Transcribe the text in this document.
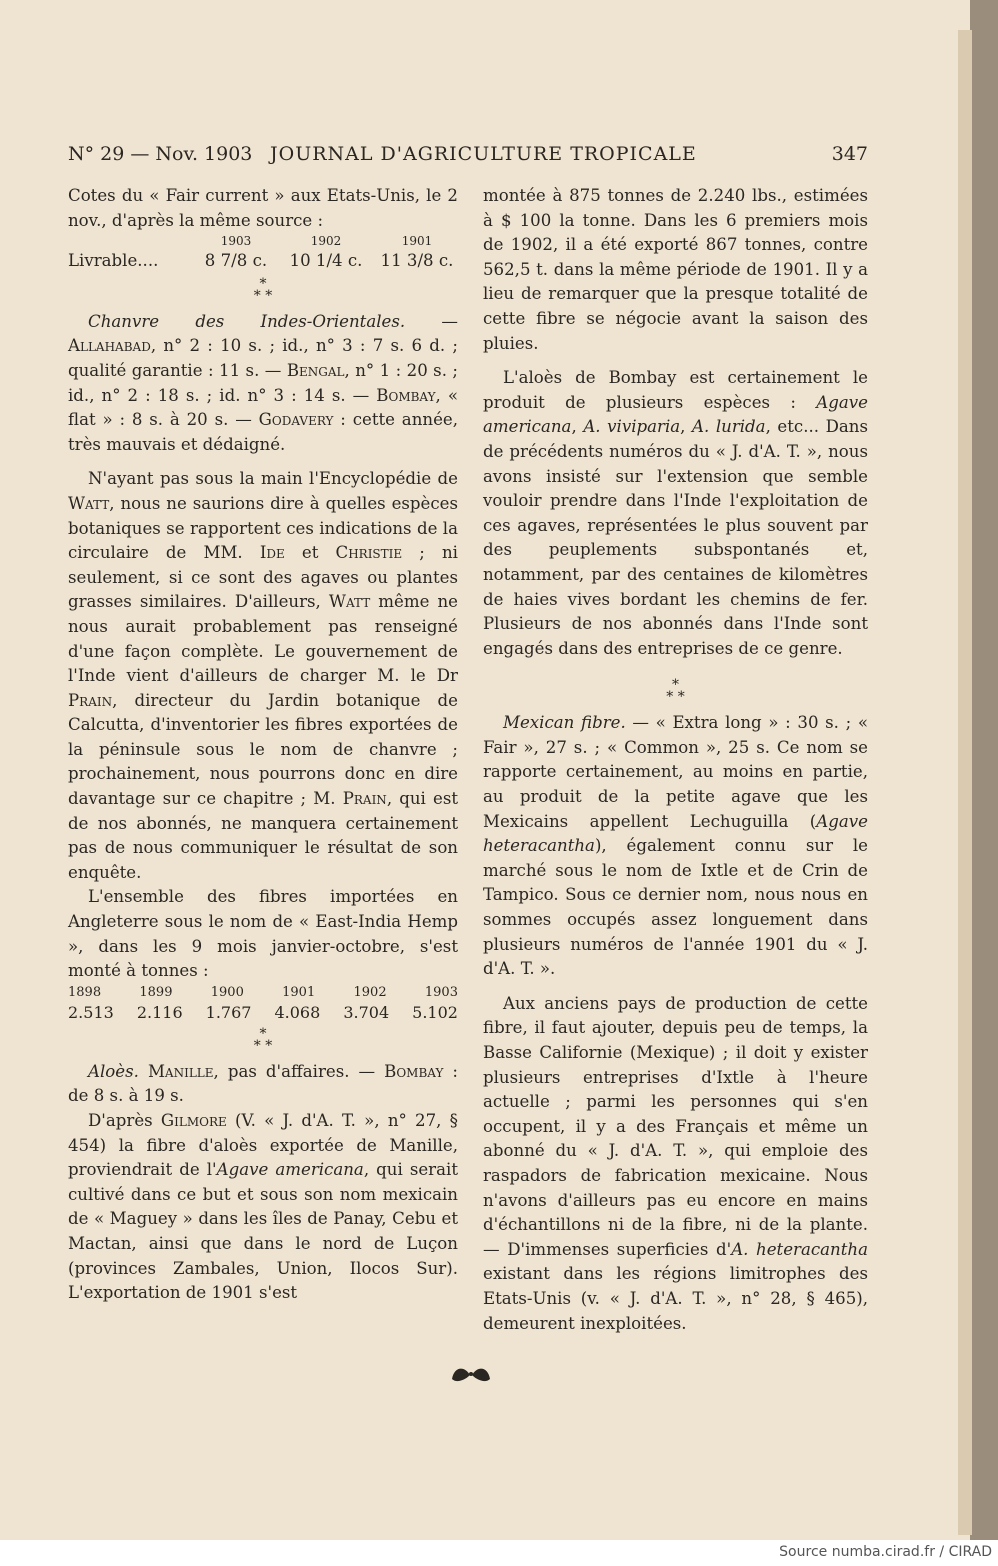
N° 29 — Nov. 1903 JOURNAL D'AGRICULTURE TROPICALE	347

Cotes du « Fair current » aux Etats-Unis, le 2 nov., d'après la même source :

1903	1902	1901
Livrable....	8 7/8 c.	10 1/4 c.	11 3/8 c.
*
* *

Chanvre des Indes-Orientales. — Allahabad, n° 2 : 10 s. ; id., n° 3 : 7 s. 6 d. ; qualité garantie : 11 s. — Bengal, n° 1 : 20 s. ; id., n° 2 : 18 s. ; id. n° 3 : 14 s. — Bombay, « flat » : 8 s. à 20 s. — Godavery : cette année, très mauvais et dédaigné.

N'ayant pas sous la main l'Encyclopédie de Watt, nous ne saurions dire à quelles espèces botaniques se rapportent ces indications de la circulaire de MM. Ide et Christie ; ni seulement, si ce sont des agaves ou plantes grasses similaires. D'ailleurs, Watt même ne nous aurait probablement pas renseigné d'une façon complète. Le gouvernement de l'Inde vient d'ailleurs de charger M. le Dr Prain, directeur du Jardin botanique de Calcutta, d'inventorier les fibres exportées de la péninsule sous le nom de chanvre ; prochainement, nous pourrons donc en dire davantage sur ce chapitre ; M. Prain, qui est de nos abonnés, ne manquera certainement pas de nous communiquer le résultat de son enquête.

L'ensemble des fibres importées en Angleterre sous le nom de « East-India Hemp », dans les 9 mois janvier-octobre, s'est monté à tonnes :

1898	1899	1900	1901	1902	1903
2.513 2.116 1.767 4.068 3.704 5.102
*
* *

Aloès. Manille, pas d'affaires. — Bombay : de 8 s. à 19 s.

D'après Gilmore (V. « J. d'A. T. », n° 27, § 454) la fibre d'aloès exportée de Manille, proviendrait de l'Agave americana, qui serait cultivé dans ce but et sous son nom mexicain de « Maguey » dans les îles de Panay, Cebu et Mactan, ainsi que dans le nord de Luçon (provinces Zambales, Union, Ilocos Sur). L'exportation de 1901 s'est

montée à 875 tonnes de 2.240 lbs., estimées à $ 100 la tonne. Dans les 6 premiers mois de 1902, il a été exporté 867 tonnes, contre 562,5 t. dans la même période de 1901. Il y a lieu de remarquer que la presque totalité de cette fibre se négocie avant la saison des pluies.

L'aloès de Bombay est certainement le produit de plusieurs espèces : Agave americana, A. viviparia, A. lurida, etc... Dans de précédents numéros du « J. d'A. T. », nous avons insisté sur l'extension que semble vouloir prendre dans l'Inde l'exploitation de ces agaves, représentées le plus souvent par des peuplements subspontanés et, notamment, par des centaines de kilomètres de haies vives bordant les chemins de fer. Plusieurs de nos abonnés dans l'Inde sont engagés dans des entreprises de ce genre.

*
* *

Mexican fibre. — « Extra long » : 30 s. ; « Fair », 27 s. ; « Common », 25 s. Ce nom se rapporte certainement, au moins en partie, au produit de la petite agave que les Mexicains appellent Lechuguilla (Agave heteracantha), également connu sur le marché sous le nom de Ixtle et de Crin de Tampico. Sous ce dernier nom, nous nous en sommes occupés assez longuement dans plusieurs numéros de l'année 1901 du « J. d'A. T. ».

Aux anciens pays de production de cette fibre, il faut ajouter, depuis peu de temps, la Basse Californie (Mexique) ; il doit y exister plusieurs entreprises d'Ixtle à l'heure actuelle ; parmi les personnes qui s'en occupent, il y a des Français et même un abonné du « J. d'A. T. », qui emploie des raspadors de fabrication mexicaine. Nous n'avons d'ailleurs pas eu encore en mains d'échantillons ni de la fibre, ni de la plante. — D'immenses superficies d'A. heteracantha existant dans les régions limitrophes des Etats-Unis (v. « J. d'A. T. », n° 28, § 465), demeurent inexploitées.

Source numba.cirad.fr / CIRAD
